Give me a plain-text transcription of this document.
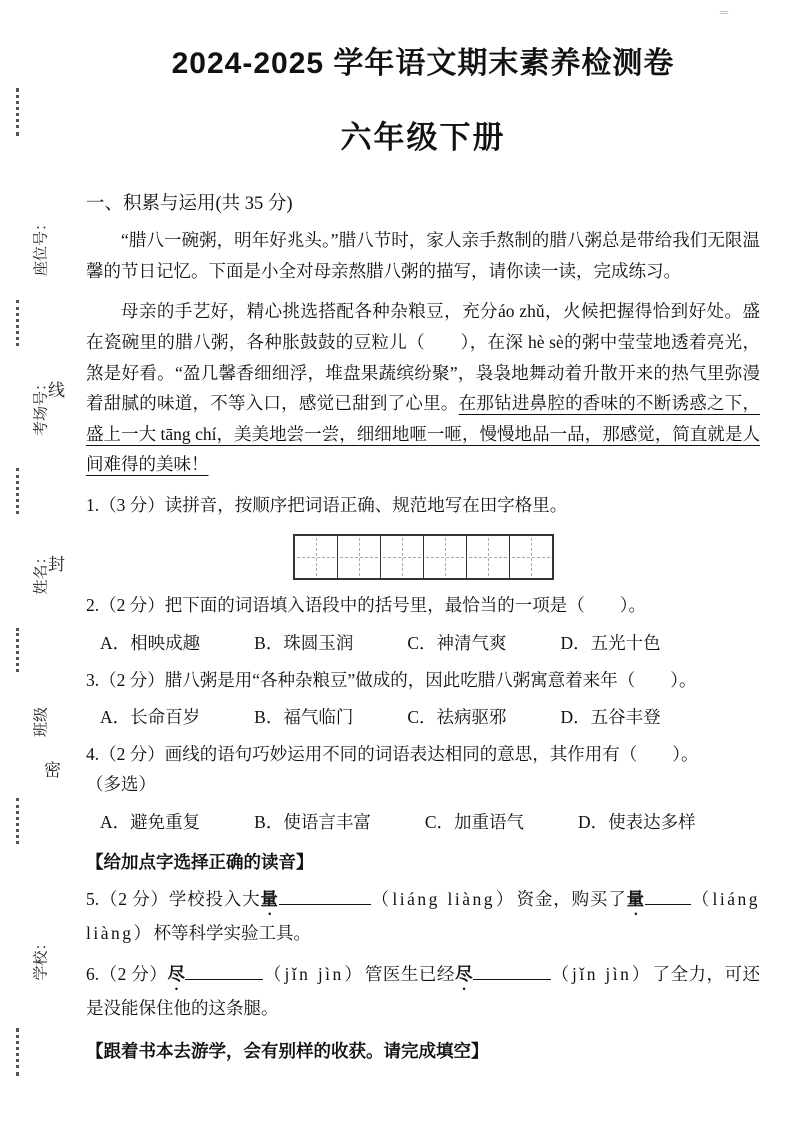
＝
座位号：
线
考场号：
封
姓名：
班级
密
学校：
2024-2025 学年语文期末素养检测卷
六年级下册
一、积累与运用(共 35 分)

“腊八一碗粥，明年好兆头。”腊八节时，家人亲手熬制的腊八粥总是带给我们无限温馨的节日记忆。下面是小全对母亲熬腊八粥的描写，请你读一读，完成练习。

母亲的手艺好，精心挑选搭配各种杂粮豆，充分áo zhǔ，火候把握得恰到好处。盛在瓷碗里的腊八粥，各种胀鼓鼓的豆粒儿（　　），在深 hè sè的粥中莹莹地透着亮光，煞是好看。“盈几馨香细细浮，堆盘果蔬缤纷聚”，袅袅地舞动着升散开来的热气里弥漫着甜腻的味道，不等入口，感觉已甜到了心里。在那钻进鼻腔的香味的不断诱惑之下，盛上一大 tāng chí，美美地尝一尝，细细地咂一咂，慢慢地品一品，那感觉，简直就是人间难得的美味！

1.（3 分）读拼音，按顺序把词语正确、规范地写在田字格里。
2.（2 分）把下面的词语填入语段中的括号里，最恰当的一项是（　　）。
A．相映成趣	B．珠圆玉润	C．神清气爽	D．五光十色
3.（2 分）腊八粥是用“各种杂粮豆”做成的，因此吃腊八粥寓意着来年（　　）。
A．长命百岁	B．福气临门	C．祛病驱邪	D．五谷丰登
4.（2 分）画线的语句巧妙运用不同的词语表达相同的意思，其作用有（　　）。
（多选）
A．避免重复	B．使语言丰富	C．加重语气	D．使表达多样
【给加点字选择正确的读音】
5.（2 分）学校投入大量	（liáng liàng）资金，购买了量	（liáng liàng）杯等科学实验工具。
6.（2 分）尽	（jǐn jìn）管医生已经尽	（jǐn jìn）了全力，可还是没能保住他的这条腿。
【跟着书本去游学，会有别样的收获。请完成填空】
